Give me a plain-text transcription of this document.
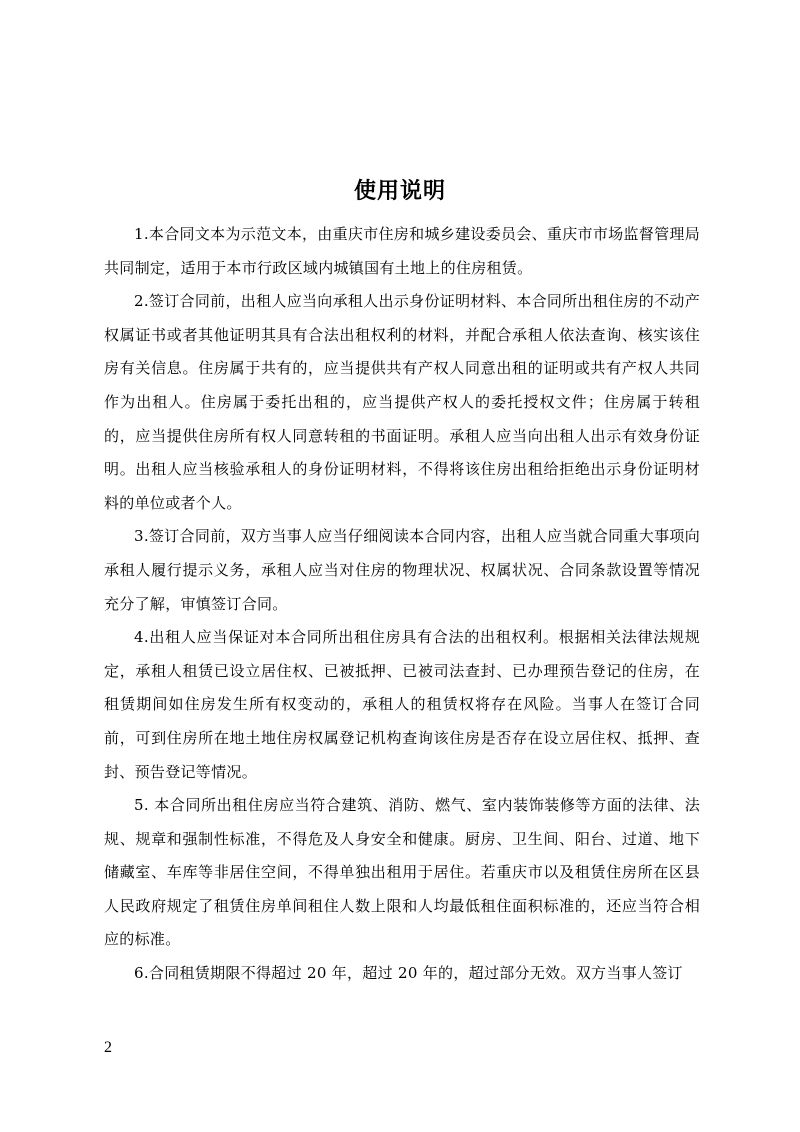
使用说明

1.本合同文本为示范文本，由重庆市住房和城乡建设委员会、重庆市市场监督管理局共同制定，适用于本市行政区域内城镇国有土地上的住房租赁。

2.签订合同前，出租人应当向承租人出示身份证明材料、本合同所出租住房的不动产权属证书或者其他证明其具有合法出租权利的材料，并配合承租人依法查询、核实该住房有关信息。住房属于共有的，应当提供共有产权人同意出租的证明或共有产权人共同作为出租人。住房属于委托出租的，应当提供产权人的委托授权文件；住房属于转租的，应当提供住房所有权人同意转租的书面证明。承租人应当向出租人出示有效身份证明。出租人应当核验承租人的身份证明材料，不得将该住房出租给拒绝出示身份证明材料的单位或者个人。

3.签订合同前，双方当事人应当仔细阅读本合同内容，出租人应当就合同重大事项向承租人履行提示义务，承租人应当对住房的物理状况、权属状况、合同条款设置等情况充分了解，审慎签订合同。

4.出租人应当保证对本合同所出租住房具有合法的出租权利。根据相关法律法规规定，承租人租赁已设立居住权、已被抵押、已被司法查封、已办理预告登记的住房，在租赁期间如住房发生所有权变动的，承租人的租赁权将存在风险。当事人在签订合同前，可到住房所在地土地住房权属登记机构查询该住房是否存在设立居住权、抵押、查封、预告登记等情况。

5. 本合同所出租住房应当符合建筑、消防、燃气、室内装饰装修等方面的法律、法规、规章和强制性标准，不得危及人身安全和健康。厨房、卫生间、阳台、过道、地下储藏室、车库等非居住空间，不得单独出租用于居住。若重庆市以及租赁住房所在区县人民政府规定了租赁住房单间租住人数上限和人均最低租住面积标准的，还应当符合相应的标准。

6.合同租赁期限不得超过 20 年，超过 20 年的，超过部分无效。双方当事人签订

2
